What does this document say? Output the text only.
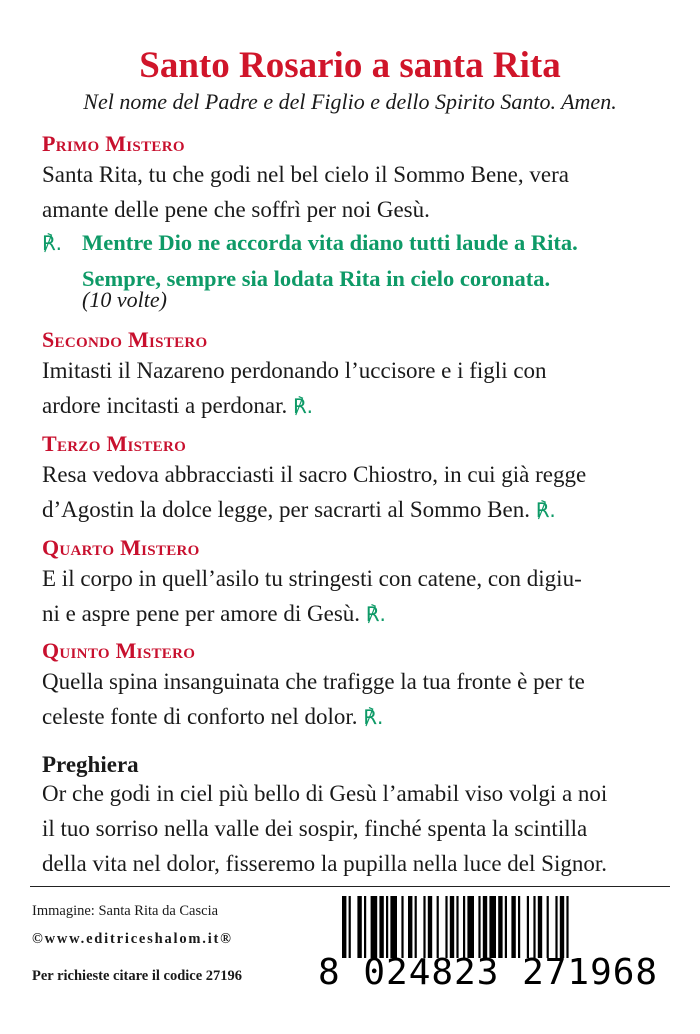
Santo Rosario a santa Rita
Nel nome del Padre e del Figlio e dello Spirito Santo. Amen.
Primo Mistero
Santa Rita, tu che godi nel bel cielo il Sommo Bene, vera
amante delle pene che soffrì per noi Gesù.
℟. Mentre Dio ne accorda vita diano tutti laude a Rita.
Sempre, sempre sia lodata Rita in cielo coronata.
(10 volte)
Secondo Mistero
Imitasti il Nazareno perdonando l’uccisore e i figli con
ardore incitasti a perdonar. ℟.
Terzo Mistero
Resa vedova abbracciasti il sacro Chiostro, in cui già regge
d’Agostin la dolce legge, per sacrarti al Sommo Ben. ℟.
Quarto Mistero
E il corpo in quell’asilo tu stringesti con catene, con digiu-
ni e aspre pene per amore di Gesù. ℟.
Quinto Mistero
Quella spina insanguinata che trafigge la tua fronte è per te
celeste fonte di conforto nel dolor. ℟.
Preghiera
Or che godi in ciel più bello di Gesù l’amabil viso volgi a noi
il tuo sorriso nella valle dei sospir, finché spenta la scintilla
della vita nel dolor, fisseremo la pupilla nella luce del Signor.
Immagine: Santa Rita da Cascia
©www.editriceshalom.it®
Per richieste citare il codice 27196 8 024823 271968
